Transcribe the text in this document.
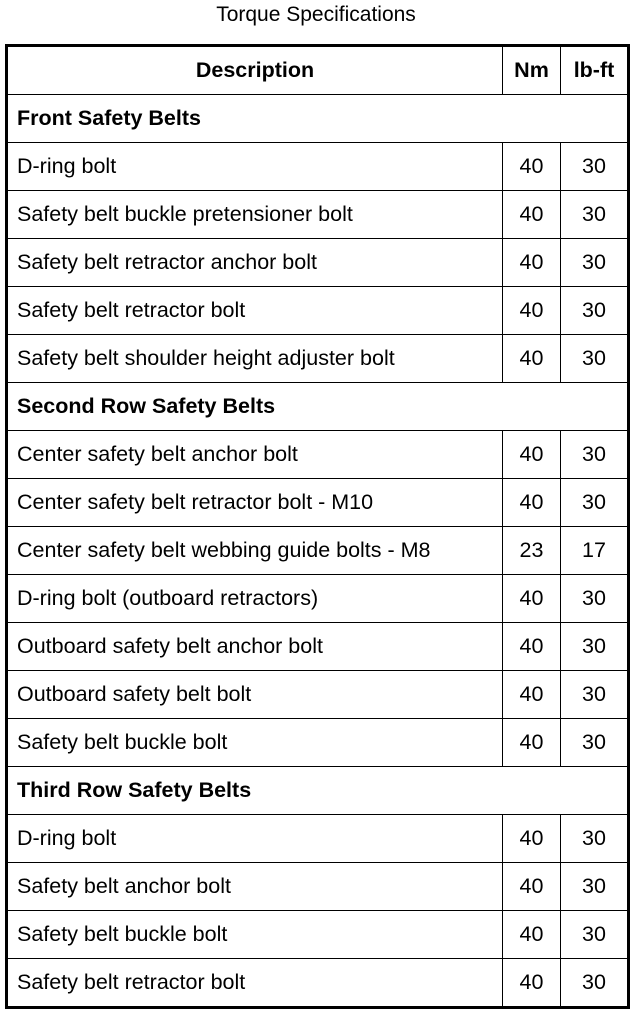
Torque Specifications
Description	Nm	lb-ft
Front Safety Belts		
D-ring bolt	40	30
Safety belt buckle pretensioner bolt	40	30
Safety belt retractor anchor bolt	40	30
Safety belt retractor bolt	40	30
Safety belt shoulder height adjuster bolt	40	30
Second Row Safety Belts		
Center safety belt anchor bolt	40	30
Center safety belt retractor bolt - M10	40	30
Center safety belt webbing guide bolts - M8	23	17
D-ring bolt (outboard retractors)	40	30
Outboard safety belt anchor bolt	40	30
Outboard safety belt bolt	40	30
Safety belt buckle bolt	40	30
Third Row Safety Belts		
D-ring bolt	40	30
Safety belt anchor bolt	40	30
Safety belt buckle bolt	40	30
Safety belt retractor bolt	40	30
